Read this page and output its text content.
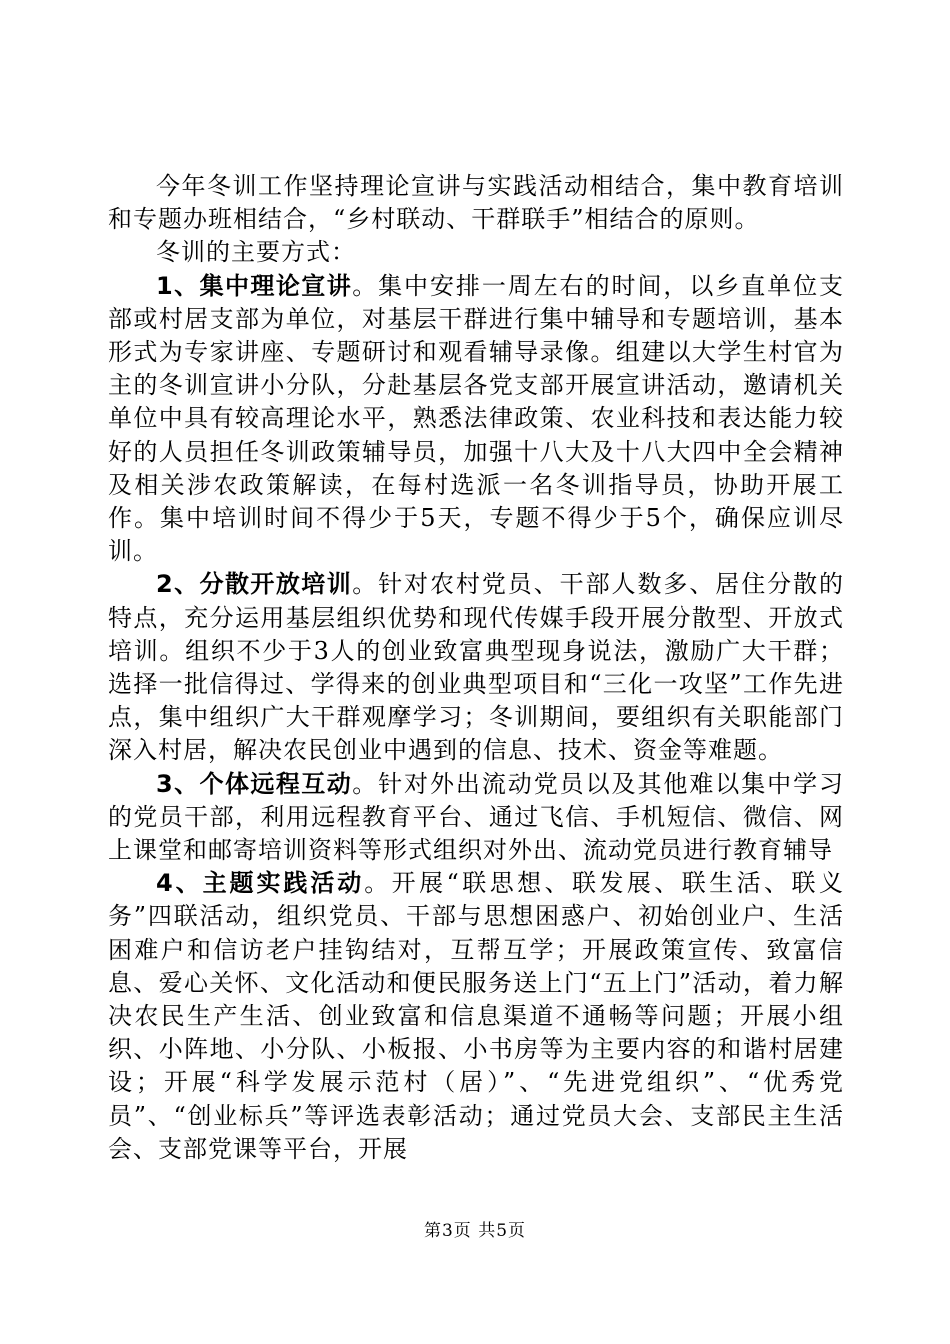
今年冬训工作坚持理论宣讲与实践活动相结合，集中教育培训和专题办班相结合，“乡村联动、干群联手”相结合的原则。

冬训的主要方式：

1、集中理论宣讲。集中安排一周左右的时间，以乡直单位支部或村居支部为单位，对基层干群进行集中辅导和专题培训，基本形式为专家讲座、专题研讨和观看辅导录像。组建以大学生村官为主的冬训宣讲小分队，分赴基层各党支部开展宣讲活动，邀请机关单位中具有较高理论水平，熟悉法律政策、农业科技和表达能力较好的人员担任冬训政策辅导员，加强十八大及十八大四中全会精神及相关涉农政策解读，在每村选派一名冬训指导员，协助开展工作。集中培训时间不得少于5天，专题不得少于5个，确保应训尽训。

2、分散开放培训。针对农村党员、干部人数多、居住分散的特点，充分运用基层组织优势和现代传媒手段开展分散型、开放式培训。组织不少于3人的创业致富典型现身说法，激励广大干群；选择一批信得过、学得来的创业典型项目和“三化一攻坚”工作先进点，集中组织广大干群观摩学习；冬训期间，要组织有关职能部门深入村居，解决农民创业中遇到的信息、技术、资金等难题。

3、个体远程互动。针对外出流动党员以及其他难以集中学习的党员干部，利用远程教育平台、通过飞信、手机短信、微信、网上课堂和邮寄培训资料等形式组织对外出、流动党员进行教育辅导

4、主题实践活动。开展“联思想、联发展、联生活、联义务”四联活动，组织党员、干部与思想困惑户、初始创业户、生活困难户和信访老户挂钩结对，互帮互学；开展政策宣传、致富信息、爱心关怀、文化活动和便民服务送上门“五上门”活动，着力解决农民生产生活、创业致富和信息渠道不通畅等问题；开展小组织、小阵地、小分队、小板报、小书房等为主要内容的和谐村居建设；开展“科学发展示范村（居）”、“先进党组织”、“优秀党员”、“创业标兵”等评选表彰活动；通过党员大会、支部民主生活会、支部党课等平台，开展

第3页 共5页
